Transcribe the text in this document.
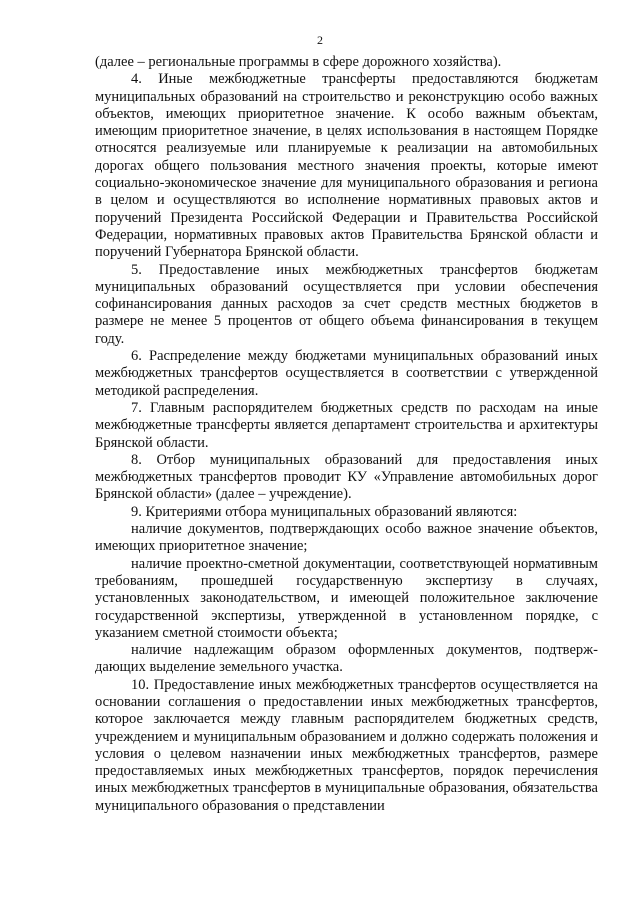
2

(далее – региональные программы в сфере дорожного хозяйства).

4. Иные межбюджетные трансферты предоставляются бюджетам муниципальных образований на строительство и реконструкцию особо важных объектов, имеющих приоритетное значение. К особо важным объектам, имеющим приоритетное значение, в целях использования в настоящем Порядке относятся реализуемые или планируемые к реализации на автомобильных дорогах общего пользования местного значения проекты, которые имеют социально-экономическое значение для муниципального образования и региона в целом и осуществляются во исполнение нормативных правовых актов и поручений Президента Российской Федерации и Правительства Российской Федерации, нормативных правовых актов Правительства Брянской области и поручений Губернатора Брянской области.

5. Предоставление иных межбюджетных трансфертов бюджетам муниципальных образований осуществляется при условии обеспечения софинансирования данных расходов за счет средств местных бюджетов в размере не менее 5 процентов от общего объема финансирования в текущем году.

6. Распределение между бюджетами муниципальных образований иных межбюджетных трансфертов осуществляется в соответствии с утвержденной методикой распределения.

7. Главным распорядителем бюджетных средств по расходам на иные межбюджетные трансферты является департамент строительства и архитектуры Брянской области.

8. Отбор муниципальных образований для предоставления иных межбюджетных трансфертов проводит КУ «Управление автомобильных дорог Брянской области» (далее – учреждение).

9. Критериями отбора муниципальных образований являются:

наличие документов, подтверждающих особо важное значение объектов, имеющих приоритетное значение;

наличие проектно-сметной документации, соответствующей нормативным требованиям, прошедшей государственную экспертизу в случаях, установленных законодательством, и имеющей положительное заключение государственной экспертизы, утвержденной в установленном порядке, с указанием сметной стоимости объекта;

наличие надлежащим образом оформленных документов, подтверждающих выделение земельного участка.

10. Предоставление иных межбюджетных трансфертов осуществляется на основании соглашения о предоставлении иных межбюджетных трансфертов, которое заключается между главным распорядителем бюджетных средств, учреждением и муниципальным образованием и должно содержать положения и условия о целевом назначении иных межбюджетных трансфертов, размере предоставляемых иных межбюджетных трансфертов, порядок перечисления иных межбюджетных трансфертов в муниципальные образования, обязательства муниципального образования о представлении
